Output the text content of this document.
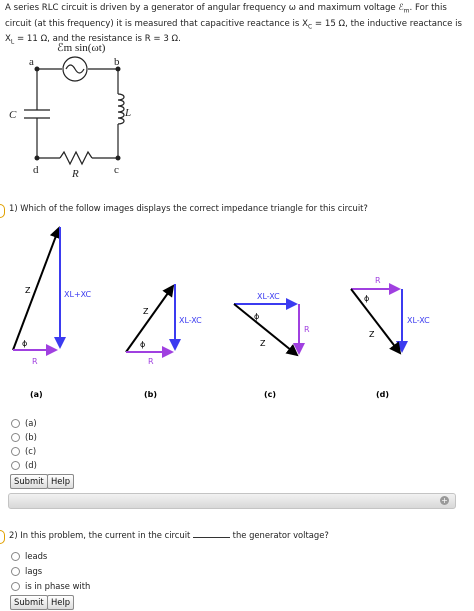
A series RLC circuit is driven by a generator of angular frequency ω and maximum voltage ℰ$_m$. For this circuit (at this frequency) it is measured that capacitive reactance is $X_C = 15$ Ω, the inductive reactance is $X_L = 11$ Ω, and the resistance is R = 3 Ω.
ℰm sin(ωt)
a	b
c
d
C	L
R
1) Which of the follow images displays the correct impedance triangle for this circuit?
Z	XL+XC
R
ϕ
(a)
Z
XL-XC
R
ϕ
(b)
XL-XC
R
Z
ϕ
(c)
R
XL-XC
Z
ϕ
(d)
(a)
(b)
(c)
(d)
Submit Help
+
2) In this problem, the current in the circuit	the generator voltage?
leads
lags
is in phase with
Submit Help
